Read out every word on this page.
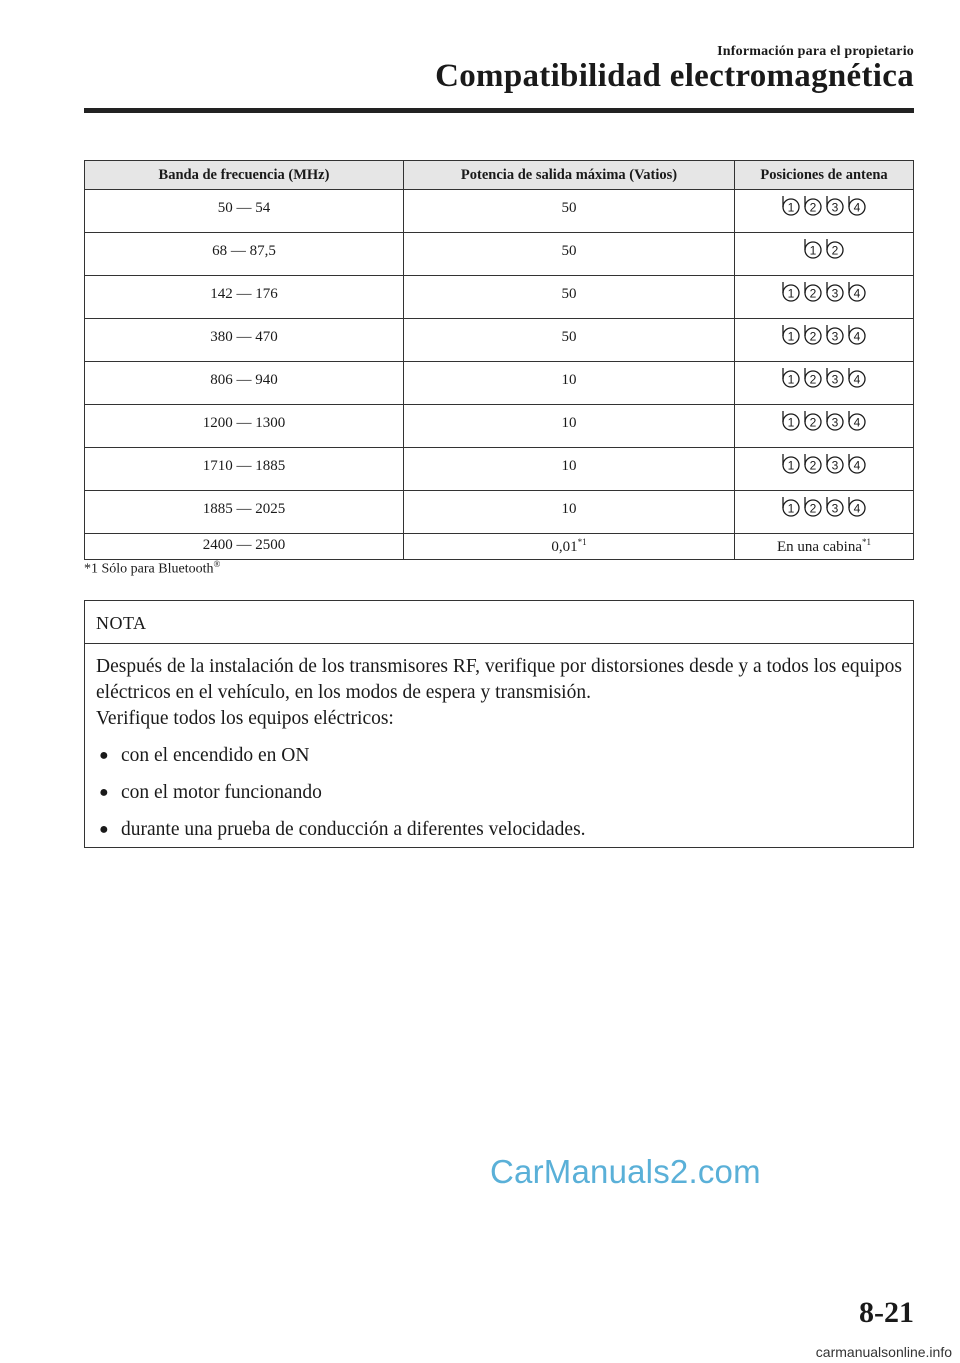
Información para el propietario
Compatibilidad electromagnética
Banda de frecuencia (MHz)	Potencia de salida máxima (Vatios)	Posiciones de antena
50 ― 54	50	1 2 3 4

68 ― 87,5	50	1 2

142 ― 176	50	1 2 3 4

380 ― 470	50	1 2 3 4

806 ― 940	10	1 2 3 4

1200 ― 1300	10	1 2 3 4

1710 ― 1885	10	1 2 3 4

1885 ― 2025	10	1 2 3 4

2400 ― 2500	0,01$^{*1}$	En una cabina$^{*1}$
*1 Sólo para Bluetooth®
NOTA

Después de la instalación de los transmisores RF, verifique por distorsiones desde y a todos los equipos eléctricos en el vehículo, en los modos de espera y transmisión.

Verifique todos los equipos eléctricos:

● con el encendido en ON
● con el motor funcionando
● durante una prueba de conducción a diferentes velocidades.
CarManuals2.com
8-21
carmanualsonline.info
